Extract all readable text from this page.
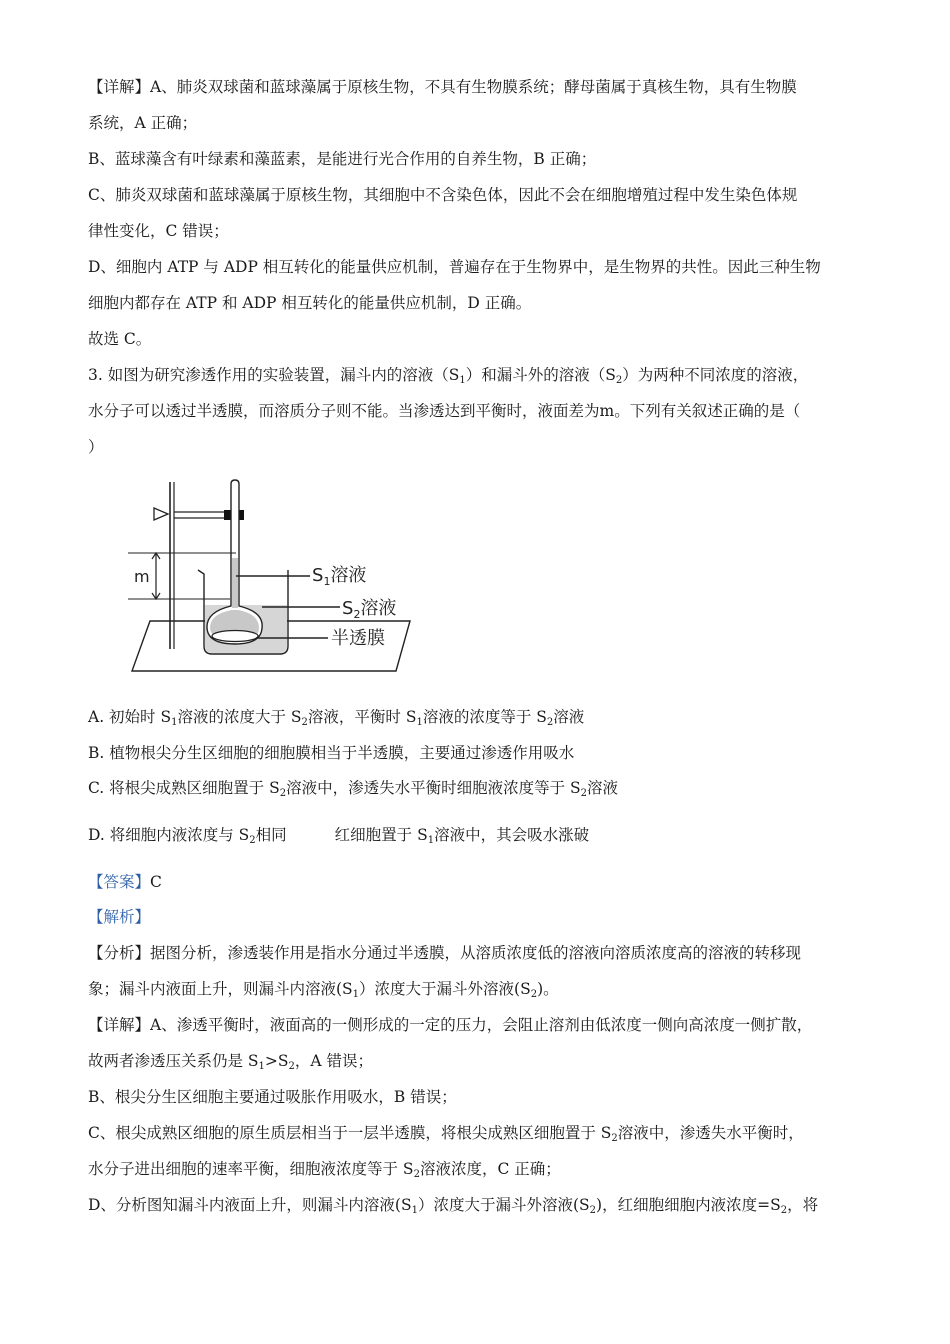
【详解】A、肺炎双球菌和蓝球藻属于原核生物，不具有生物膜系统；酵母菌属于真核生物，具有生物膜
系统，A 正确；
B、蓝球藻含有叶绿素和藻蓝素，是能进行光合作用的自养生物，B 正确；
C、肺炎双球菌和蓝球藻属于原核生物，其细胞中不含染色体，因此不会在细胞增殖过程中发生染色体规
律性变化，C 错误；
D、细胞内 ATP 与 ADP 相互转化的能量供应机制，普遍存在于生物界中，是生物界的共性。因此三种生物
细胞内都存在 ATP 和 ADP 相互转化的能量供应机制，D 正确。
故选 C。
3. 如图为研究渗透作用的实验装置，漏斗内的溶液$(S_1)$和漏斗外的溶液$(S_2)$为两种不同浓度的溶液，
水分子可以透过半透膜，而溶质分子则不能。当渗透达到平衡时，液面差为m。下列有关叙述正确的是（
）
m	$S_1$溶液
$S_2$溶液
半透膜
A. 初始时 $S_1$溶液的浓度大于 $S_2$溶液，平衡时 $S_1$溶液的浓度等于 $S_2$溶液
B. 植物根尖分生区细胞的细胞膜相当于半透膜，主要通过渗透作用吸水
C. 将根尖成熟区细胞置于 $S_2$溶液中，渗透失水平衡时细胞液浓度等于 $S_2$溶液
D. 将细胞内液浓度与 $S_2$相同	红细胞置于 $S_1$溶液中，其会吸水涨破
【答案】C
【解析】
【分析】据图分析，渗透装作用是指水分通过半透膜，从溶质浓度低的溶液向溶质浓度高的溶液的转移现
象；漏斗内液面上升，则漏斗内溶液$(S_1)$浓度大于漏斗外溶液$(S_2)$。
【详解】A、渗透平衡时，液面高的一侧形成的一定的压力，会阻止溶剂由低浓度一侧向高浓度一侧扩散，
故两者渗透压关系仍是 $S_1>S_2$，A 错误；
B、根尖分生区细胞主要通过吸胀作用吸水，B 错误；
C、根尖成熟区细胞的原生质层相当于一层半透膜，将根尖成熟区细胞置于 $S_2$溶液中，渗透失水平衡时，
水分子进出细胞的速率平衡，细胞液浓度等于 $S_2$溶液浓度，C 正确；
D、分析图知漏斗内液面上升，则漏斗内溶液$(S_1)$浓度大于漏斗外溶液$(S_2)$，红细胞细胞内液浓度$=S_2$，将
